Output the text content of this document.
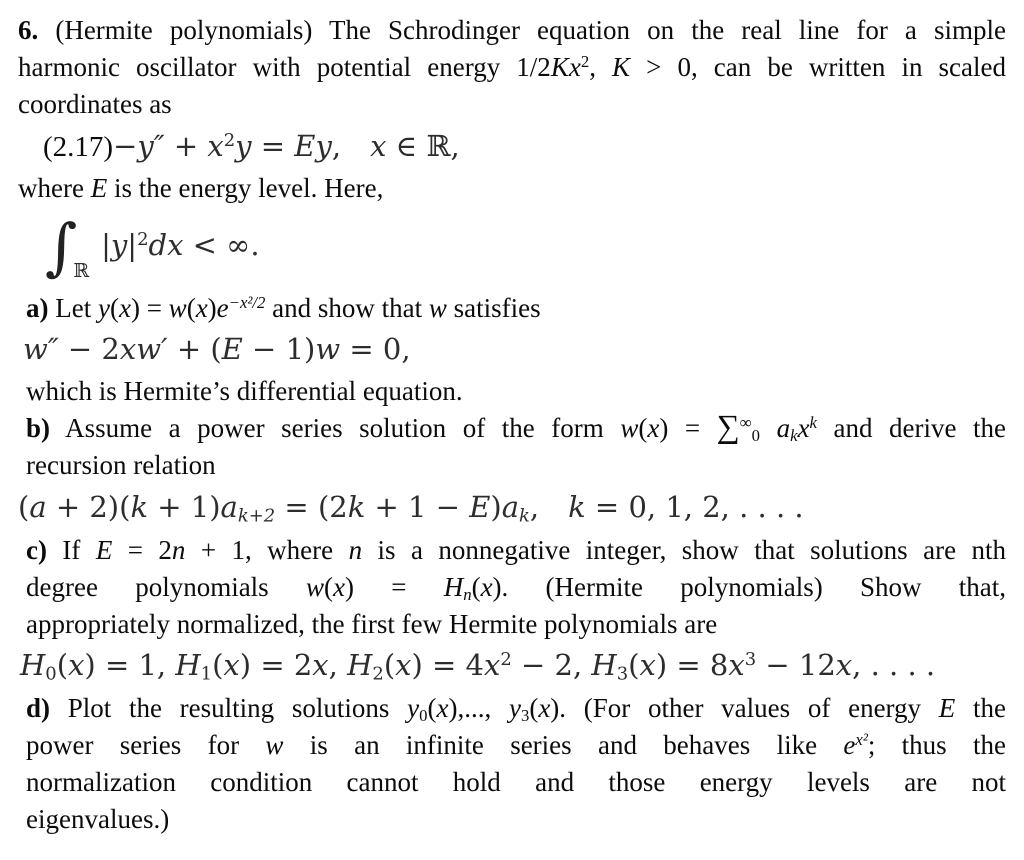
6. (Hermite polynomials) The Schrodinger equation on the real line for a simple
harmonic oscillator with potential energy 1/2Kx$^2$, K > 0, can be written in scaled
coordinates as
$(2.17)-y'' + x^2y = Ey$, x ∈ ℝ,
where E is the energy level. Here,
∫
ℝ
$|y|^2dx$ < ∞.
a) Let $y(x) = w(x)e^{-x^2/2}$ and show that w satisfies
w″ − 2xw′ + (E − 1)w = 0,
which is Hermite’s differential equation.
b) Assume a power series solution of the form $w(x) = \sum^\infty_0$ $a_kx^k$ and derive the
recursion relation
$(a + 2)(k + 1)a_{k+2} = (2k + 1 - E)a_k$, k = 0, 1, 2, . . . .
c) If E = 2n + 1, where n is a nonnegative integer, show that solutions are nth
degree polynomials $w(x) = H_n(x)$. (Hermite polynomials) Show that,
appropriately normalized, the first few Hermite polynomials are
$H_0(x) = 1$, $H_1(x) = 2x$, $H_2(x) = 4x^2 - 2$, $H_3(x) = 8x^3 - 12x$, . . . .
d) Plot the resulting solutions $y_0(x)$,..., $y_3(x)$. (For other values of energy E the
power series for w is an infinite series and behaves like $e^{x^2}$; thus the
normalization condition cannot hold and those energy levels are not
eigenvalues.)
